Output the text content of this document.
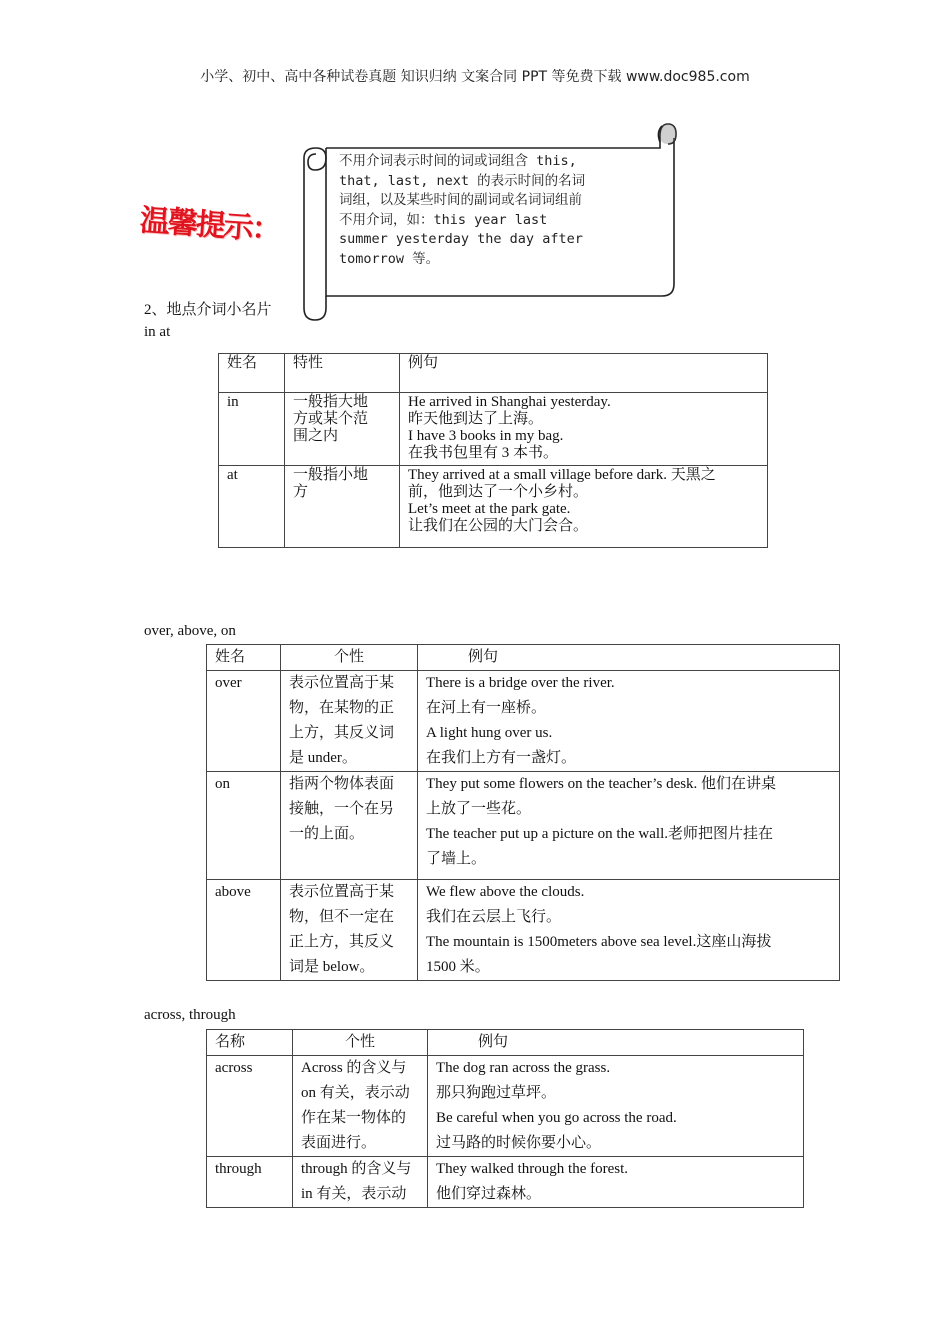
小学、初中、高中各种试卷真题 知识归纳 文案合同 PPT 等免费下载 www.doc985.com
温馨提示：
不用介词表示时间的词或词组含 this,
that, last, next 的表示时间的名词
词组，以及某些时间的副词或名词词组前
不用介词，如：this year last
summer yesterday the day after
tomorrow 等。
2、地点介词小名片
in at
姓名	特性	例句
in	一般指大地
方或某个范
围之内	He arrived in Shanghai yesterday.
昨天他到达了上海。
I have 3 books in my bag.
在我书包里有 3 本书。

at	一般指小地
方	They arrived at a small village before dark. 天黑之
前，他到达了一个小乡村。
Let’s meet at the park gate.
让我们在公园的大门会合。
over, above, on
姓名	个性	例句
over	表示位置高于某
物，在某物的正
上方，其反义词
是 under。	There is a bridge over the river.
在河上有一座桥。
A light hung over us.
在我们上方有一盏灯。

on	指两个物体表面
接触，一个在另
一的上面。	They put some flowers on the teacher’s desk. 他们在讲桌
上放了一些花。
The teacher put up a picture on the wall.老师把图片挂在
了墙上。

above	表示位置高于某
物，但不一定在
正上方，其反义
词是 below。	We flew above the clouds.
我们在云层上飞行。
The mountain is 1500meters above sea level.这座山海拔
1500 米。
across, through
名称	个性	例句
across	Across 的含义与
on 有关，表示动
作在某一物体的
表面进行。	The dog ran across the grass.
那只狗跑过草坪。
Be careful when you go across the road.
过马路的时候你要小心。

through	through 的含义与
in 有关，表示动	They walked through the forest.
他们穿过森林。
